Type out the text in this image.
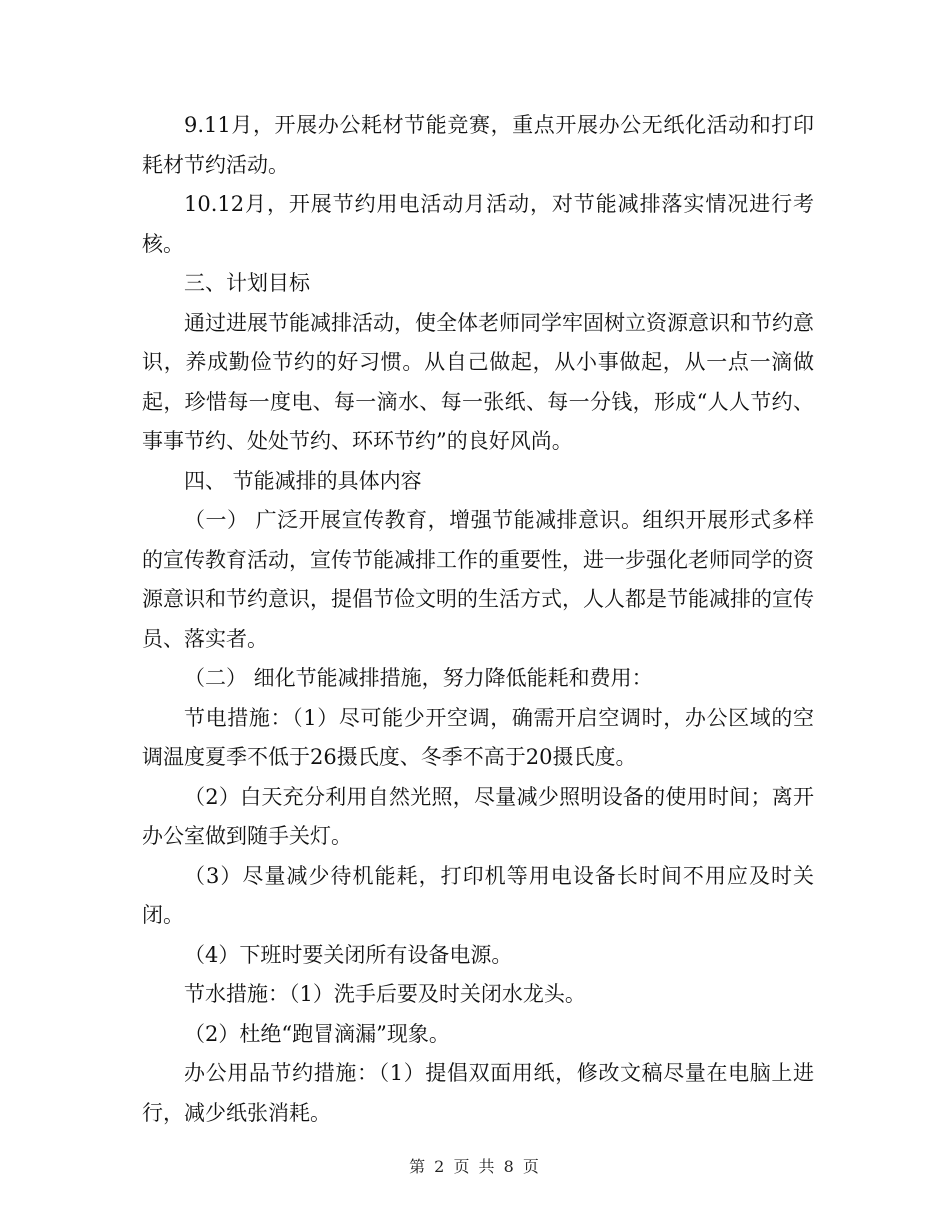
9.11月，开展办公耗材节能竞赛，重点开展办公无纸化活动和打印耗材节约活动。

10.12月，开展节约用电活动月活动，对节能减排落实情况进行考核。

三、计划目标

通过进展节能减排活动，使全体老师同学牢固树立资源意识和节约意识，养成勤俭节约的好习惯。从自己做起，从小事做起，从一点一滴做起，珍惜每一度电、每一滴水、每一张纸、每一分钱，形成“人人节约、事事节约、处处节约、环环节约”的良好风尚。

四、 节能减排的具体内容

（一） 广泛开展宣传教育，增强节能减排意识。组织开展形式多样的宣传教育活动，宣传节能减排工作的重要性，进一步强化老师同学的资源意识和节约意识，提倡节俭文明的生活方式，人人都是节能减排的宣传员、落实者。

（二） 细化节能减排措施，努力降低能耗和费用：

节电措施：（1）尽可能少开空调，确需开启空调时，办公区域的空调温度夏季不低于26摄氏度、冬季不高于20摄氏度。

（2）白天充分利用自然光照，尽量减少照明设备的使用时间；离开办公室做到随手关灯。

（3）尽量减少待机能耗，打印机等用电设备长时间不用应及时关闭。

（4）下班时要关闭所有设备电源。

节水措施：（1）洗手后要及时关闭水龙头。

（2）杜绝“跑冒滴漏”现象。

办公用品节约措施：（1）提倡双面用纸，修改文稿尽量在电脑上进行，减少纸张消耗。

第 2 页 共 8 页
